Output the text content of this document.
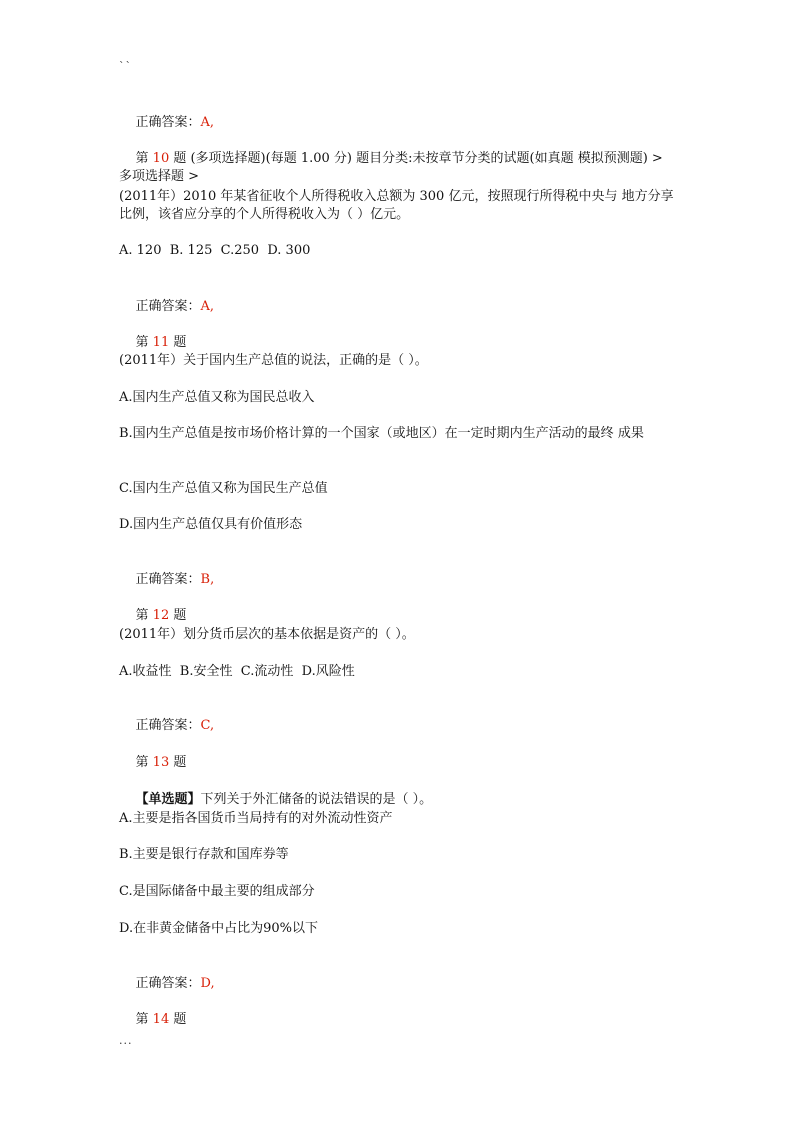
``

正确答案：A,

第 10 题 (多项选择题)(每题 1.00 分) 题目分类:未按章节分类的试题(如真题 模拟预测题) > 多项选择题 >

(2011年）2010 年某省征收个人所得税收入总额为 300 亿元，按照现行所得税中央与 地方分享比例，该省应分享的个人所得税收入为（ ）亿元。
A. 120  B. 125  C.250  D. 300

正确答案：A,

第 11 题

(2011年）关于国内生产总值的说法，正确的是（ ）。
A.国内生产总值又称为国民总收入
B.国内生产总值是按市场价格计算的一个国家（或地区）在一定时期内生产活动的最终 成果
C.国内生产总值又称为国民生产总值
D.国内生产总值仅具有价值形态

正确答案：B,

第 12 题

(2011年）划分货币层次的基本依据是资产的（ ）。
A.收益性  B.安全性  C.流动性  D.风险性

正确答案：C,

第 13 题

【单选题】下列关于外汇储备的说法错误的是（ ）。

A.主要是指各国货币当局持有的对外流动性资产
B.主要是银行存款和国库券等
C.是国际储备中最主要的组成部分
D.在非黄金储备中占比为90%以下

正确答案：D,

第 14 题

...
